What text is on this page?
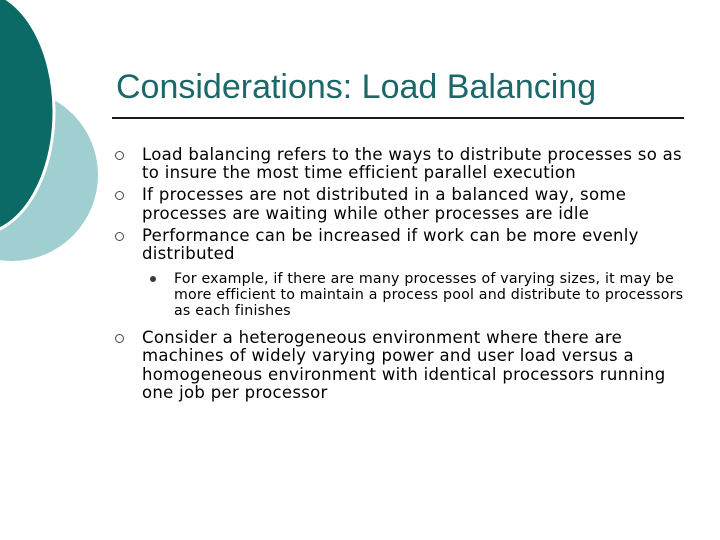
Considerations: Load Balancing
Load balancing refers to the ways to distribute processes so as to insure the most time efficient parallel execution
If processes are not distributed in a balanced way, some processes are waiting while other processes are idle
Performance can be increased if work can be more evenly distributed
For example, if there are many processes of varying sizes, it may be more efficient to maintain a process pool and distribute to processors as each finishes
Consider a heterogeneous environment where there are machines of widely varying power and user load versus a homogeneous environment with identical processors running one job per processor
